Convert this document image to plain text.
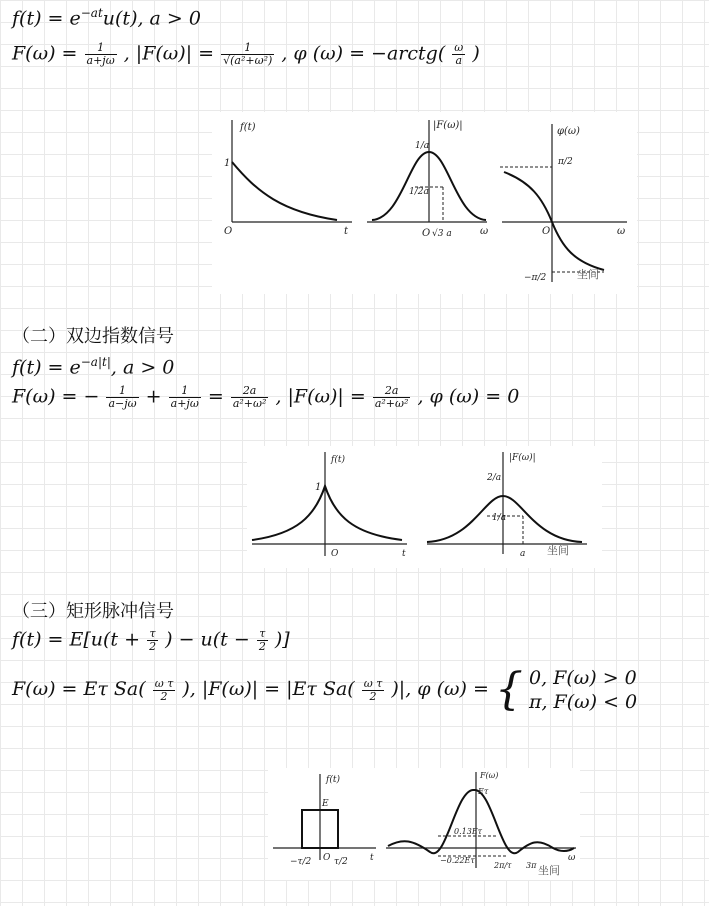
$f(t) = e^{-at}u(t)$, a > 0
$F(\omega) = \frac{1}{a+j\omega}$ , $|F(\omega)| = \frac{1}{\text{√(a²+ω²)}}$ , φ (ω) = −arctg( $\frac{\omega}{a}$ )
f(t)
1
O	t
|F(ω)|
1/a
1/2a
O √3 a	ω
φ(ω)
π/2
−π/2
O	ω
坐间
（二）双边指数信号
$f(t) = e^{-a|t|}$, a > 0
F(ω) = − $\frac{1}{a-j\omega} + \frac{1}{a+j\omega} = \frac{2a}{\text{a²+ω²}}$ , $|F(\omega)| = \frac{2a}{\text{a²+ω²}}$ , φ (ω) = 0
f(t)
1
O	t
|F(ω)|
2/a
1/a
a 坐间
（三）矩形脉冲信号
$f(t) = E[u(t + \frac{\tau}{2}$ ) − $u(t - \frac{\tau}{2}$ )]
F(ω) = Eτ $Sa( \frac{\text{ω τ}}{2}$ ), |F(ω)| = |Eτ $Sa( \frac{\text{ω τ}}{2}$ )|, φ (ω) = { 0, F(ω) > 0
π, F(ω) < 0
f(t)
E
O
−τ/2	τ/2 t
F(ω)
Eτ
0.13Eτ
−0.22Eτ
2π/τ 3π
ω
坐间
